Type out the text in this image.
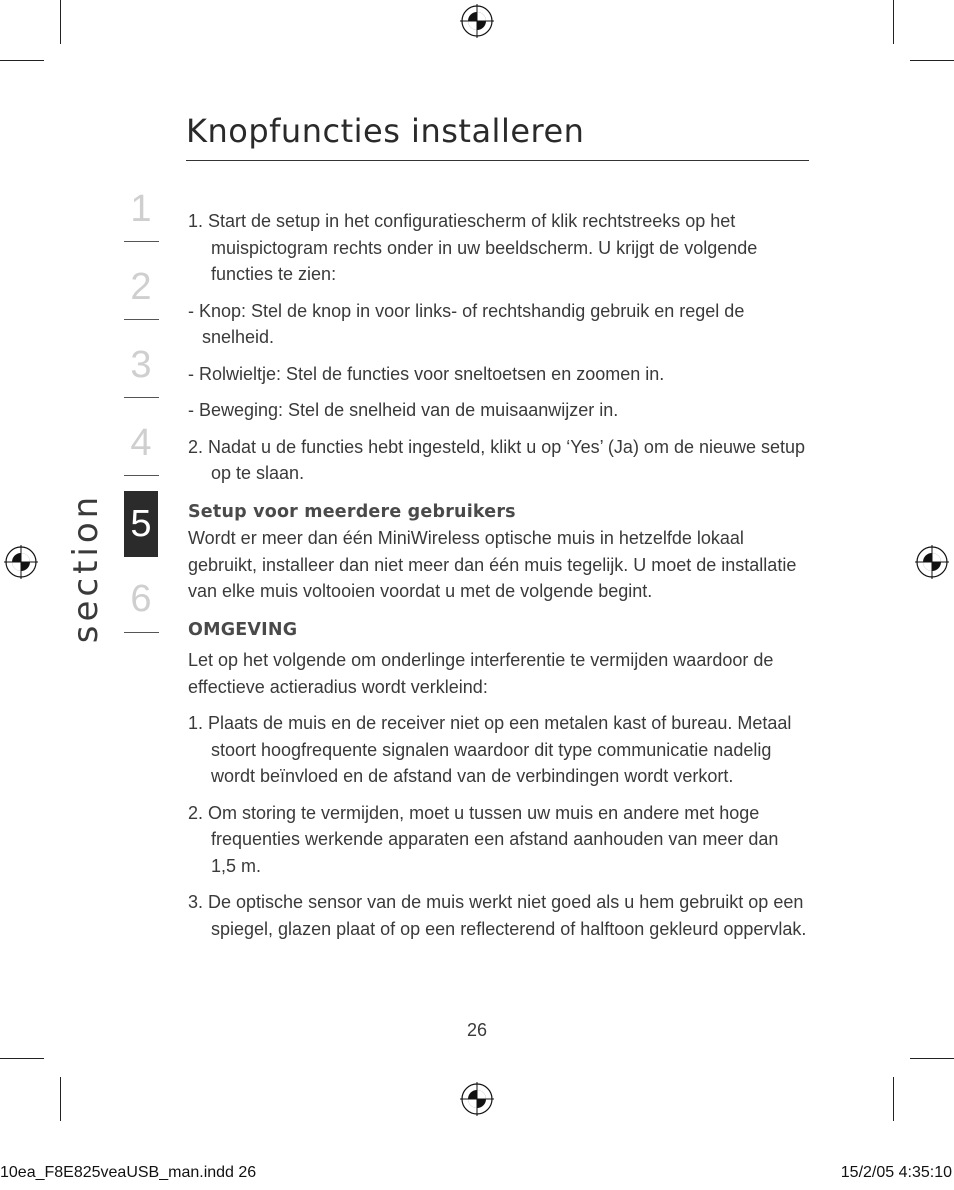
Knopfuncties installeren
1
2
3
4
5
6
section

1. Start de setup in het configuratiescherm of klik rechtstreeks op het muispictogram rechts onder in uw beeldscherm. U krijgt de volgende functies te zien:

- Knop: Stel de knop in voor links- of rechtshandig gebruik en regel de snelheid.

- Rolwieltje: Stel de functies voor sneltoetsen en zoomen in.

- Beweging: Stel de snelheid van de muisaanwijzer in.

2. Nadat u de functies hebt ingesteld, klikt u op ‘Yes’ (Ja) om de nieuwe setup op te slaan.

Setup voor meerdere gebruikers

Wordt er meer dan één MiniWireless optische muis in hetzelfde lokaal gebruikt, installeer dan niet meer dan één muis tegelijk. U moet de installatie van elke muis voltooien voordat u met de volgende begint.

OMGEVING

Let op het volgende om onderlinge interferentie te vermijden waardoor de effectieve actieradius wordt verkleind:

1. Plaats de muis en de receiver niet op een metalen kast of bureau. Metaal stoort hoogfrequente signalen waardoor dit type communicatie nadelig wordt beïnvloed en de afstand van de verbindingen wordt verkort.

2. Om storing te vermijden, moet u tussen uw muis en andere met hoge frequenties werkende apparaten een afstand aanhouden van meer dan 1,5 m.

3. De optische sensor van de muis werkt niet goed als u hem gebruikt op een spiegel, glazen plaat of op een reflecterend of halftoon gekleurd oppervlak.

26
10ea_F8E825veaUSB_man.indd 26	15/2/05 4:35:10
